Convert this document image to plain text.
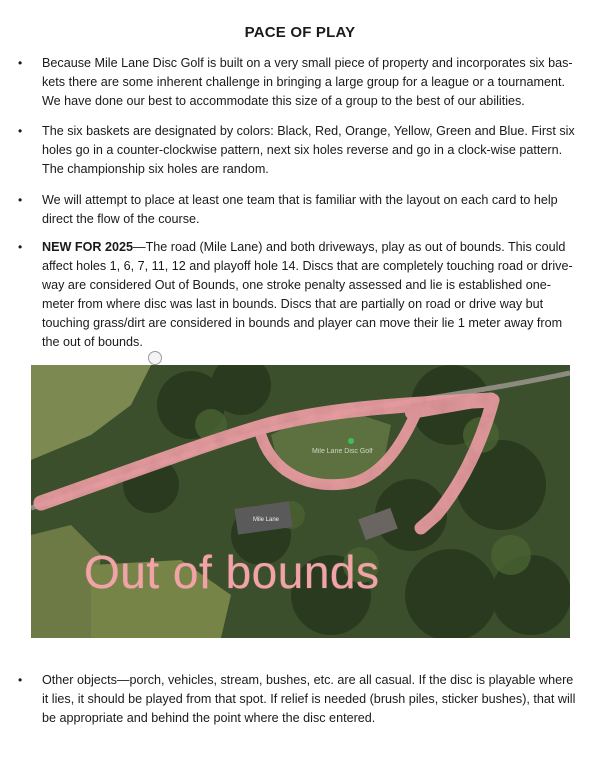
PACE OF PLAY

• Because Mile Lane Disc Golf is built on a very small piece of property and incorporates six bas-kets there are some inherent challenge in bringing a large group for a league or a tournament. We have done our best to accommodate this size of a group to the best of our abilities.

• The six baskets are designated by colors: Black, Red, Orange, Yellow, Green and Blue. First six holes go in a counter-clockwise pattern, next six holes reverse and go in a clock-wise pattern. The championship six holes are random.

• We will attempt to place at least one team that is familiar with the layout on each card to help direct the flow of the course.

• NEW FOR 2025—The road (Mile Lane) and both driveways, play as out of bounds. This could affect holes 1, 6, 7, 11, 12 and playoff hole 14. Discs that are completely touching road or drive-way are considered Out of Bounds, one stroke penalty assessed and lie is established one-meter from where disc was last in bounds. Discs that are partially on road or drive way but touching grass/dirt are considered in bounds and player can move their lie 1 meter away from the out of bounds.

• Other objects—porch, vehicles, stream, bushes, etc. are all casual. If the disc is playable where it lies, it should be played from that spot. If relief is needed (brush piles, sticker bushes), that will be appropriate and behind the point where the disc entered.

Mile Lane Disc Golf
Mile Lane
Out of bounds
